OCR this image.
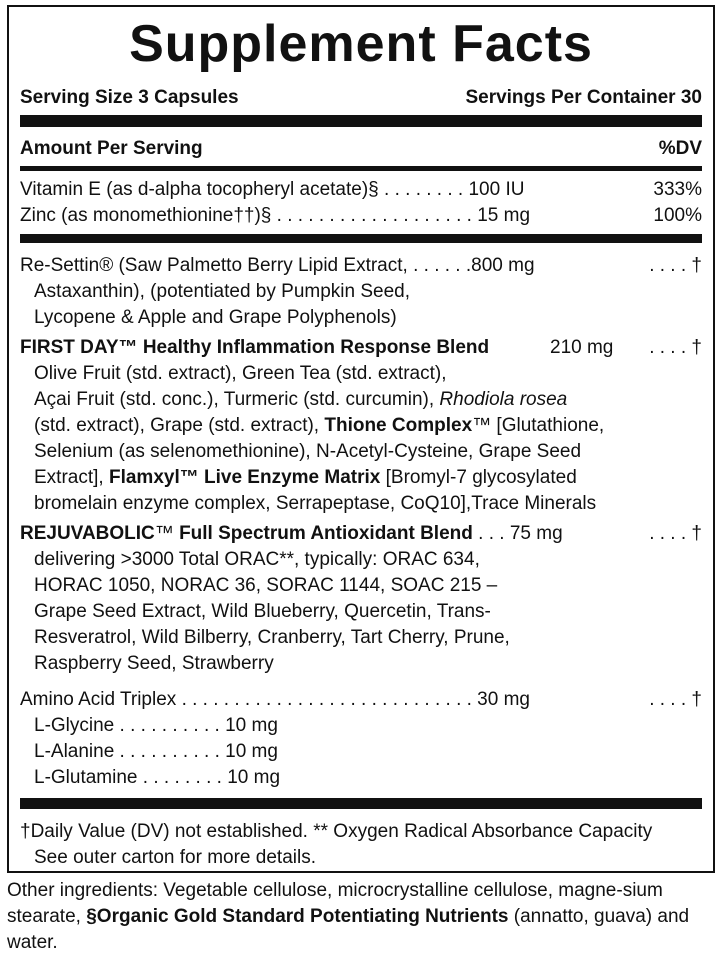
Supplement Facts
Serving Size 3 Capsules	Servings Per Container 30
Amount Per Serving	%DV
Vitamin E (as d-alpha tocopheryl acetate)§ . . . . . . . . 100 IU	333%
Zinc (as monomethionine††)§ . . . . . . . . . . . . . . . . . . . 15 mg	100%
Re-Settin® (Saw Palmetto Berry Lipid Extract, . . . . . .800 mg	. . . . †
Astaxanthin), (potentiated by Pumpkin Seed,
Lycopene & Apple and Grape Polyphenols)
FIRST DAY™ Healthy Inflammation Response Blend	210 mg . . . . †
Olive Fruit (std. extract), Green Tea (std. extract),
Açai Fruit (std. conc.), Turmeric (std. curcumin), Rhodiola rosea
(std. extract), Grape (std. extract), Thione Complex™ [Glutathione,
Selenium (as selenomethionine), N-Acetyl-Cysteine, Grape Seed
Extract], Flamxyl™ Live Enzyme Matrix [Bromyl-7 glycosylated
bromelain enzyme complex, Serrapeptase, CoQ10],Trace Minerals
REJUVABOLIC™ Full Spectrum Antioxidant Blend . . . 75 mg	. . . . †
delivering >3000 Total ORAC**, typically: ORAC 634,
HORAC 1050, NORAC 36, SORAC 1144, SOAC 215 –
Grape Seed Extract, Wild Blueberry, Quercetin, Trans-
Resveratrol, Wild Bilberry, Cranberry, Tart Cherry, Prune,
Raspberry Seed, Strawberry
Amino Acid Triplex . . . . . . . . . . . . . . . . . . . . . . . . . . . . 30 mg	. . . . †
L-Glycine . . . . . . . . . . 10 mg
L-Alanine . . . . . . . . . . 10 mg
L-Glutamine . . . . . . . . 10 mg
†Daily Value (DV) not established. ** Oxygen Radical Absorbance Capacity
See outer carton for more details.
Other ingredients: Vegetable cellulose, microcrystalline cellulose, magne-sium stearate, §Organic Gold Standard Potentiating Nutrients (annatto, guava) and water.
